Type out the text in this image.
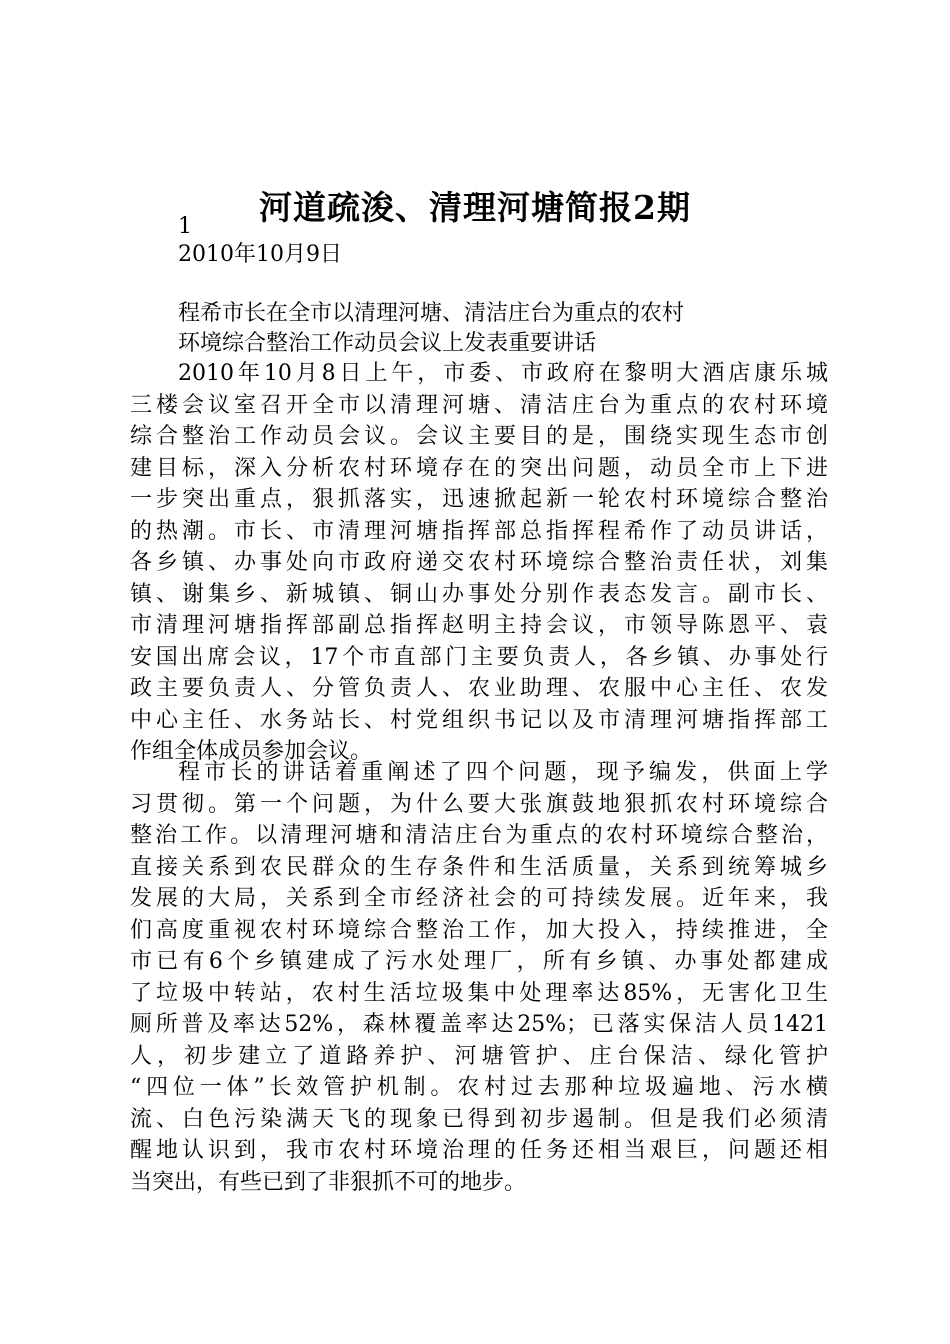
河道疏浚、清理河塘简报2期
1
2010年10月9日
程希市长在全市以清理河塘、清洁庄台为重点的农村
环境综合整治工作动员会议上发表重要讲话
2010年10月8日上午，市委、市政府在黎明大酒店康乐城
三楼会议室召开全市以清理河塘、清洁庄台为重点的农村环境
综合整治工作动员会议。会议主要目的是，围绕实现生态市创
建目标，深入分析农村环境存在的突出问题，动员全市上下进
一步突出重点，狠抓落实，迅速掀起新一轮农村环境综合整治
的热潮。市长、市清理河塘指挥部总指挥程希作了动员讲话，
各乡镇、办事处向市政府递交农村环境综合整治责任状，刘集
镇、谢集乡、新城镇、铜山办事处分别作表态发言。副市长、
市清理河塘指挥部副总指挥赵明主持会议，市领导陈恩平、袁
安国出席会议，17个市直部门主要负责人，各乡镇、办事处行
政主要负责人、分管负责人、农业助理、农服中心主任、农发
中心主任、水务站长、村党组织书记以及市清理河塘指挥部工
作组全体成员参加会议。
程市长的讲话着重阐述了四个问题，现予编发，供面上学
习贯彻。第一个问题，为什么要大张旗鼓地狠抓农村环境综合
整治工作。以清理河塘和清洁庄台为重点的农村环境综合整治，
直接关系到农民群众的生存条件和生活质量，关系到统筹城乡
发展的大局，关系到全市经济社会的可持续发展。近年来，我
们高度重视农村环境综合整治工作，加大投入，持续推进，全
市已有6个乡镇建成了污水处理厂，所有乡镇、办事处都建成
了垃圾中转站，农村生活垃圾集中处理率达85%，无害化卫生
厕所普及率达52%，森林覆盖率达25%；已落实保洁人员1421
人，初步建立了道路养护、河塘管护、庄台保洁、绿化管护
“四位一体”长效管护机制。农村过去那种垃圾遍地、污水横
流、白色污染满天飞的现象已得到初步遏制。但是我们必须清
醒地认识到，我市农村环境治理的任务还相当艰巨，问题还相
当突出，有些已到了非狠抓不可的地步。
